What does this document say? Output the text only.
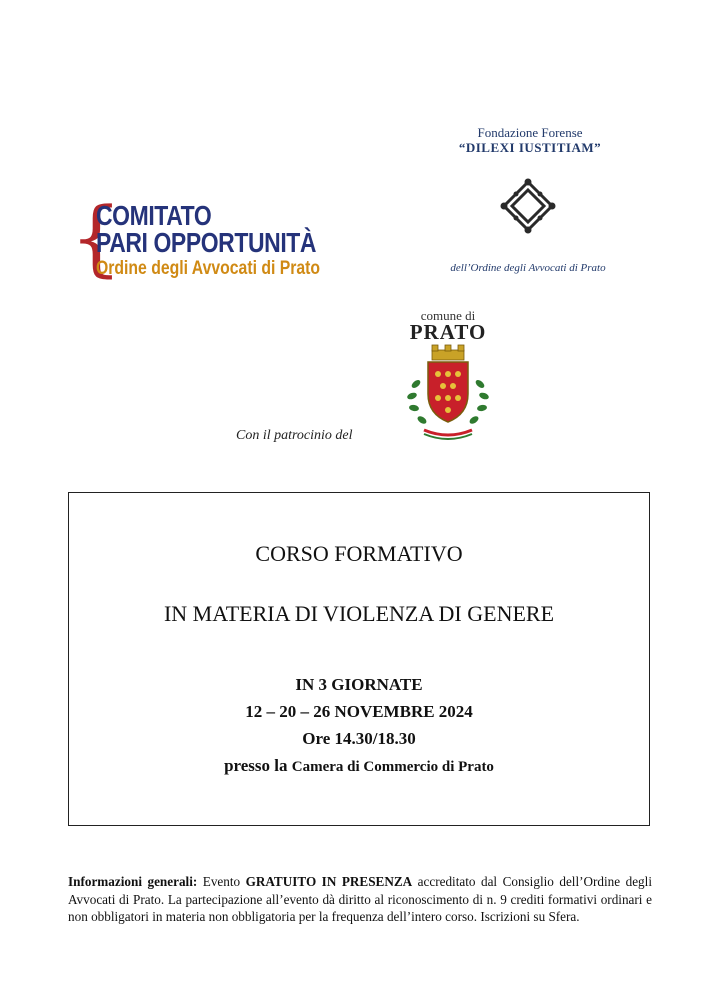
{
COMITATO
PARI OPPORTUNITÀ
Ordine degli Avvocati di Prato
Fondazione Forense
“DILEXI IUSTITIAM”
dell’Ordine degli Avvocati di Prato
comune di
PRATO
Con il patrocinio del
CORSO FORMATIVO
IN MATERIA DI VIOLENZA DI GENERE
IN 3 GIORNATE
12 – 20 – 26 NOVEMBRE 2024
Ore 14.30/18.30
presso la Camera di Commercio di Prato
Informazioni generali: Evento GRATUITO IN PRESENZA accreditato dal Consiglio dell’Ordine degli Avvocati di Prato. La partecipazione all’evento dà diritto al riconoscimento di n. 9 crediti formativi ordinari e non obbligatori in materia non obbligatoria per la frequenza dell’intero corso. Iscrizioni su Sfera.
